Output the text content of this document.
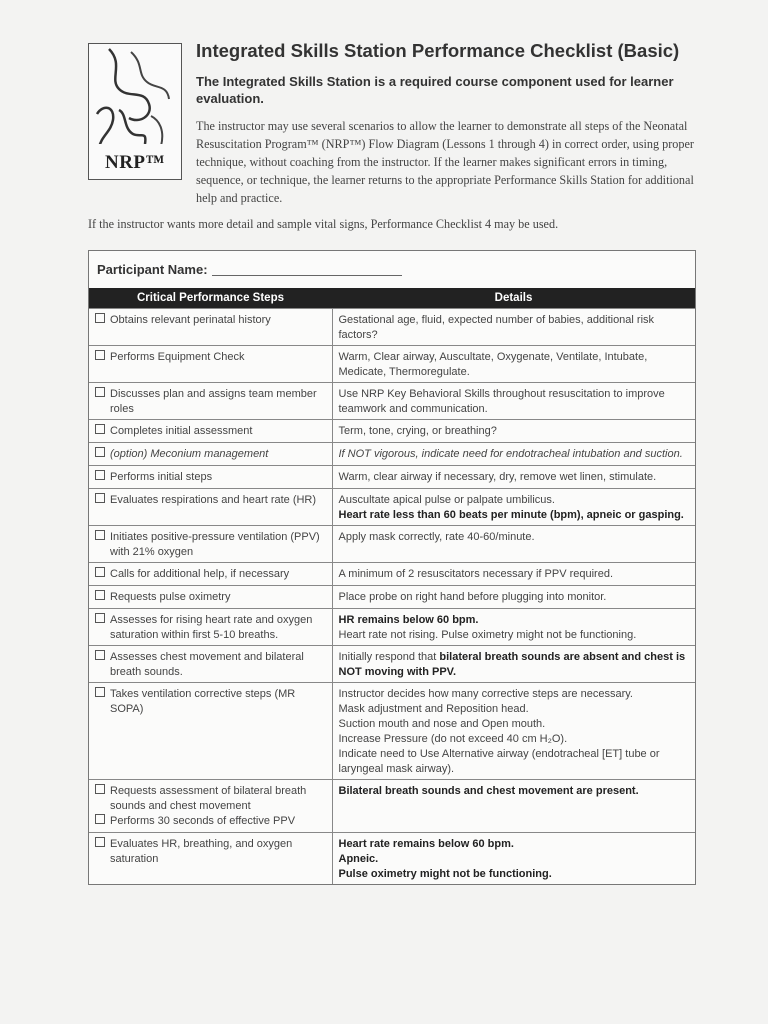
NRP™
Integrated Skills Station Performance Checklist (Basic)
The Integrated Skills Station is a required course component used for learner evaluation.
The instructor may use several scenarios to allow the learner to demonstrate all steps of the Neonatal Resuscitation Program™ (NRP™) Flow Diagram (Lessons 1 through 4) in correct order, using proper technique, without coaching from the instructor. If the learner makes significant errors in timing, sequence, or technique, the learner returns to the appropriate Performance Skills Station for additional help and practice.
If the instructor wants more detail and sample vital signs, Performance Checklist 4 may be used.
Participant Name:
Critical Performance Steps	Details

Obtains relevant perinatal history	Gestational age, fluid, expected number of babies, additional risk factors?

Performs Equipment Check	Warm, Clear airway, Auscultate, Oxygenate, Ventilate, Intubate, Medicate, Thermoregulate.

Discusses plan and assigns team member roles	Use NRP Key Behavioral Skills throughout resuscitation to improve teamwork and communication.

Completes initial assessment	Term, tone, crying, or breathing?

(option) Meconium management	If NOT vigorous, indicate need for endotracheal intubation and suction.

Performs initial steps	Warm, clear airway if necessary, dry, remove wet linen, stimulate.

Evaluates respirations and heart rate (HR)	Auscultate apical pulse or palpate umbilicus.
Heart rate less than 60 beats per minute (bpm), apneic or gasping.

Initiates positive-pressure ventilation (PPV) with 21% oxygen	Apply mask correctly, rate 40-60/minute.

Calls for additional help, if necessary	A minimum of 2 resuscitators necessary if PPV required.

Requests pulse oximetry	Place probe on right hand before plugging into monitor.

Assesses for rising heart rate and oxygen saturation within first 5-10 breaths.	HR remains below 60 bpm.
Heart rate not rising. Pulse oximetry might not be functioning.

Assesses chest movement and bilateral breath sounds.	Initially respond that bilateral breath sounds are absent and chest is NOT moving with PPV.

Takes ventilation corrective steps (MR SOPA)	Instructor decides how many corrective steps are necessary.
Mask adjustment and Reposition head.
Suction mouth and nose and Open mouth.
Increase Pressure (do not exceed 40 cm H₂O).
Indicate need to Use Alternative airway (endotracheal [ET] tube or laryngeal mask airway).

Requests assessment of bilateral breath sounds and chest movement
Performs 30 seconds of effective PPV	Bilateral breath sounds and chest movement are present.

Evaluates HR, breathing, and oxygen saturation	Heart rate remains below 60 bpm.
Apneic.
Pulse oximetry might not be functioning.
